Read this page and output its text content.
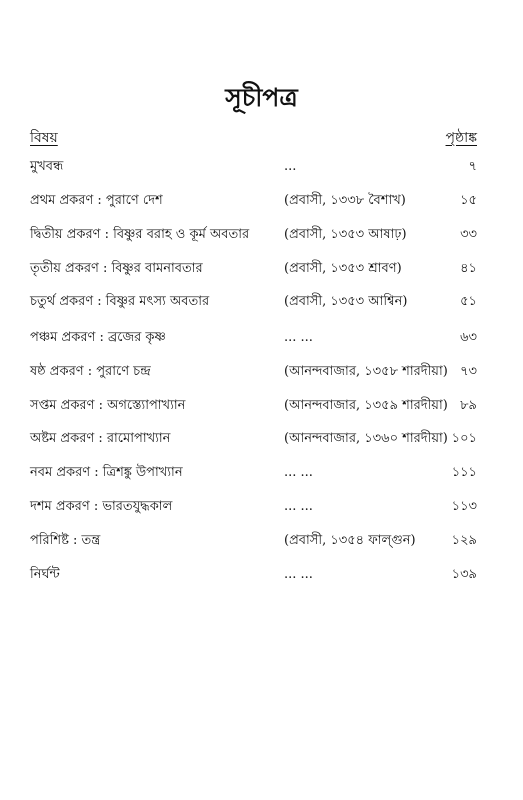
সূচীপত্র
বিষয়	পৃষ্ঠাঙ্ক
মুখবন্ধ	...	৭
প্রথম প্রকরণ : পুরাণে দেশ	(প্রবাসী, ১৩৩৮ বৈশাখ)	১৫
দ্বিতীয় প্রকরণ : বিষ্ণুর বরাহ ও কূর্ম অবতার	(প্রবাসী, ১৩৫৩ আষাঢ়)	৩৩
তৃতীয় প্রকরণ : বিষ্ণুর বামনাবতার	(প্রবাসী, ১৩৫৩ শ্রাবণ)	৪১
চতুর্থ প্রকরণ : বিষ্ণুর মৎস্য অবতার	(প্রবাসী, ১৩৫৩ আশ্বিন)	৫১
পঞ্চম প্রকরণ : ব্রজের কৃষ্ণ	... ...	৬৩
ষষ্ঠ প্রকরণ : পুরাণে চন্দ্র	(আনন্দবাজার, ১৩৫৮ শারদীয়া) ৭৩
সপ্তম প্রকরণ : অগস্ত্যোপাখ্যান	(আনন্দবাজার, ১৩৫৯ শারদীয়া) ৮৯
অষ্টম প্রকরণ : রামোপাখ্যান	(আনন্দবাজার, ১৩৬০ শারদীয়া) ১০১
নবম প্রকরণ : ত্রিশঙ্কু উপাখ্যান	... ...	১১১
দশম প্রকরণ : ভারতযুদ্ধকাল	... ...	১১৩
পরিশিষ্ট : তন্ত্র	(প্রবাসী, ১৩৫৪ ফাল্গুন)	১২৯
নির্ঘন্ট	... ...	১৩৯
